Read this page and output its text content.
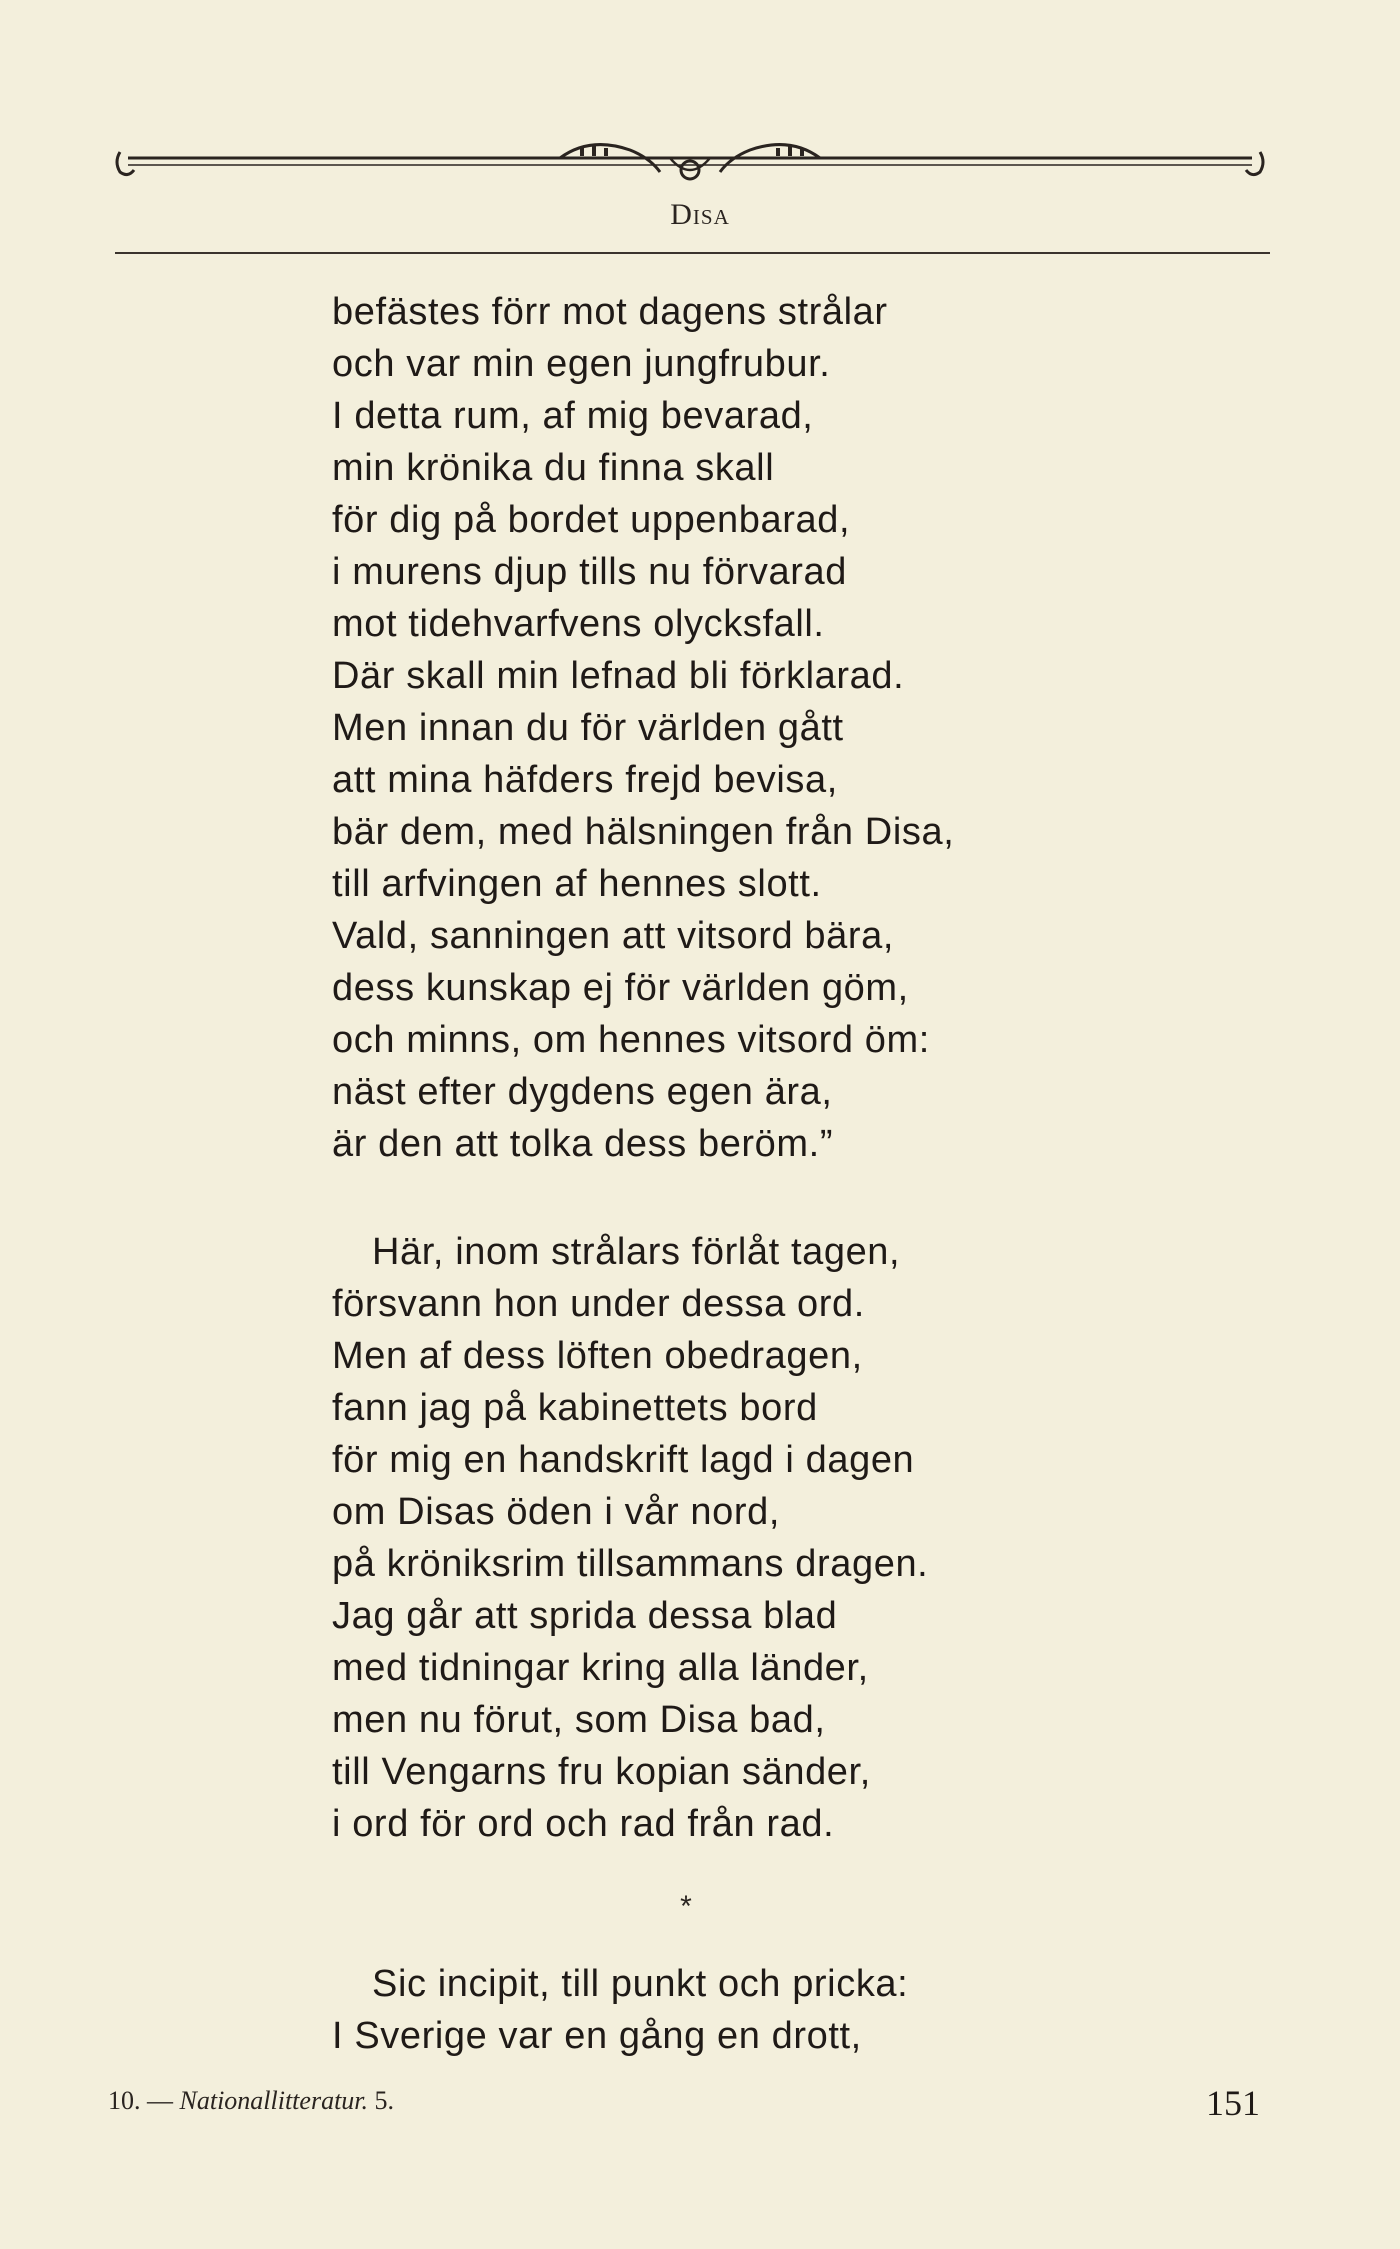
Disa
befästes förr mot dagens strålar
och var min egen jungfrubur.
I detta rum, af mig bevarad,
min krönika du finna skall
för dig på bordet uppenbarad,
i murens djup tills nu förvarad
mot tidehvarfvens olycksfall.
Där skall min lefnad bli förklarad.
Men innan du för världen gått
att mina häfders frejd bevisa,
bär dem, med hälsningen från Disa,
till arfvingen af hennes slott.
Vald, sanningen att vitsord bära,
dess kunskap ej för världen göm,
och minns, om hennes vitsord öm:
näst efter dygdens egen ära,
är den att tolka dess beröm.”
Här, inom strålars förlåt tagen,
försvann hon under dessa ord.
Men af dess löften obedragen,
fann jag på kabinettets bord
för mig en handskrift lagd i dagen
om Disas öden i vår nord,
på kröniksrim tillsammans dragen.
Jag går att sprida dessa blad
med tidningar kring alla länder,
men nu förut, som Disa bad,
till Vengarns fru kopian sänder,
i ord för ord och rad från rad.
*
Sic incipit, till punkt och pricka:
I Sverige var en gång en drott,
10. — Nationallitteratur. 5.	151
